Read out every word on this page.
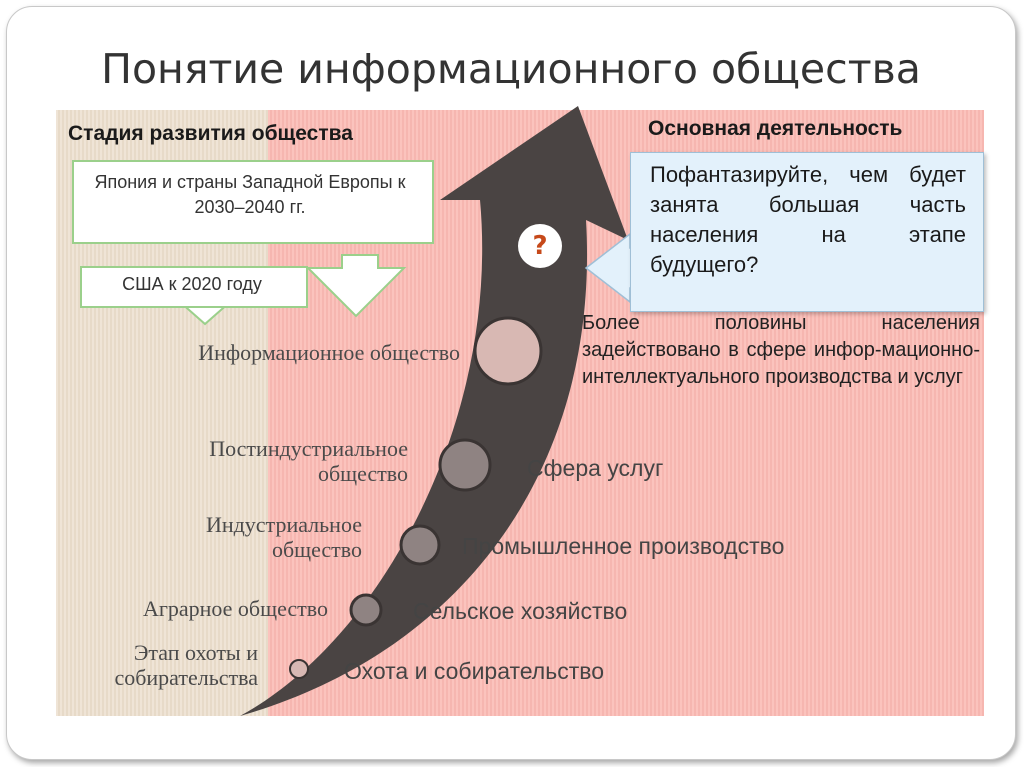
Понятие информационного общества
Япония и страны Западной Европы к 2030–2040 гг.
США к 2020 году
Стадия развития общества	Основная деятельность
Информационное общество
Постиндустриальное общество
Индустриальное общество
Аграрное общество
Этап охоты и собирательства
Сфера услуг
Промышленное производство
Сельское хозяйство
Охота и собирательство
Более половины населения задействовано в сфере инфор-мационно-интеллектуального производства и услуг
?
Пофантазируйте, чем будет занята большая часть населения на этапе будущего?
